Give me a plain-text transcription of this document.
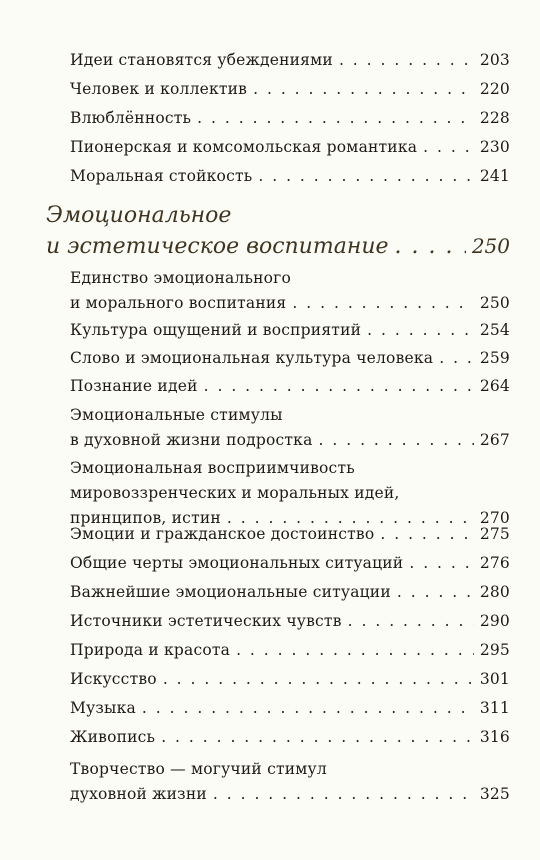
Идеи становятся убеждениями . . .	203
Человек и коллектив . . .	220
Влюблённость . . .	228
Пионерская и комсомольская романтика . . .	230
Моральная стойкость . . .	241
Эмоциональное
и эстетическое воспитание . . .	250
Единство эмоционального
и морального воспитания . . .	250
Культура ощущений и восприятий . . .	254
Слово и эмоциональная культура человека . . .	259
Познание идей . . .	264
Эмоциональные стимулы
в духовной жизни подростка . . .	267
Эмоциональная восприимчивость
мировоззренческих и моральных идей,
принципов, истин . . .	270
Эмоции и гражданское достоинство . . .	275
Общие черты эмоциональных ситуаций . . .	276
Важнейшие эмоциональные ситуации . . .	280
Источники эстетических чувств . . .	290
Природа и красота . . .	295
Искусство . . .	301
Музыка . . .	311
Живопись . . .	316
Творчество — могучий стимул
духовной жизни . . .	325
